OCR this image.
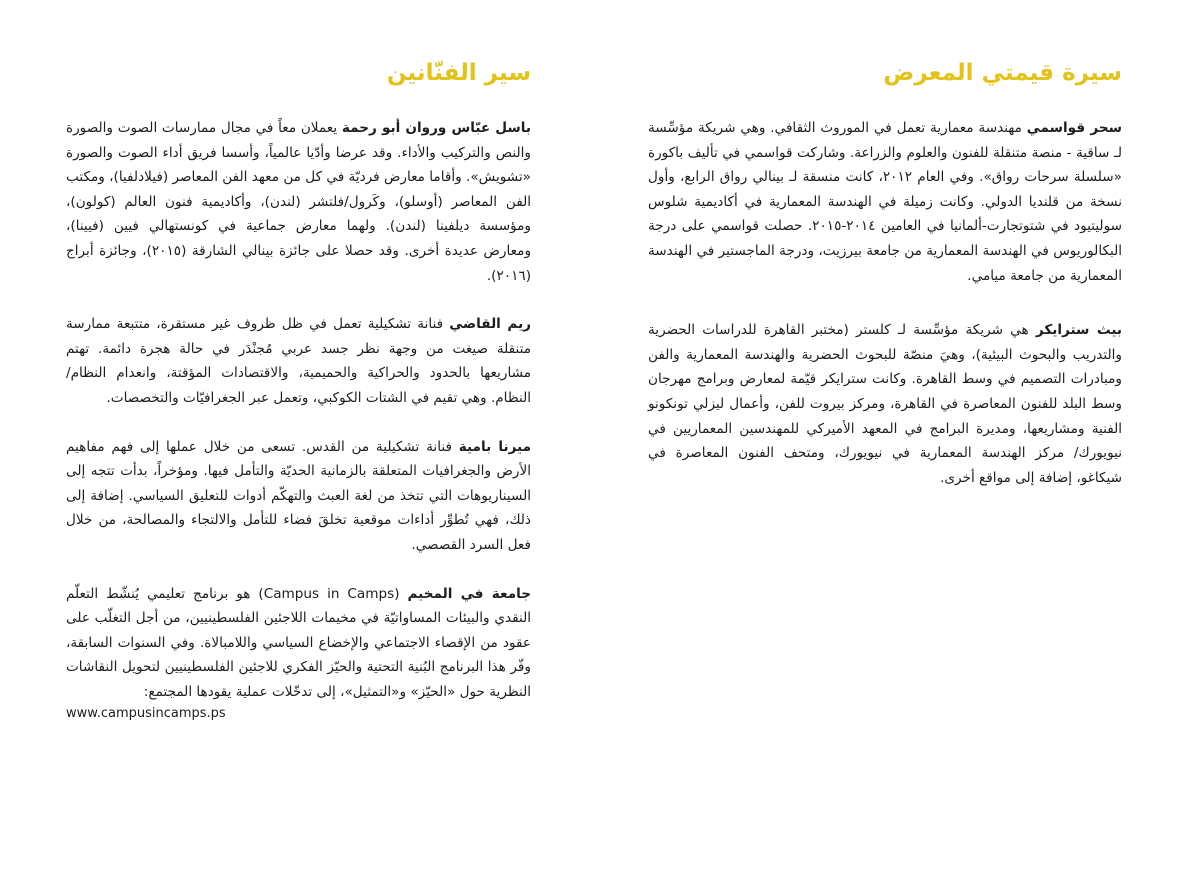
سيرة قيمتي المعرض

سحر قواسمي مهندسة معمارية تعمل في الموروث الثقافي. وهي شريكة مؤسِّسة لـ ساقية - منصة متنقلة للفنون والعلوم والزراعة. وشاركت قواسمي في تأليف باكورة «سلسلة سرحات رواق». وفي العام ٢٠١٢، كانت منسقة لـ بينالي رواق الرابع، وأول نسخة من قلنديا الدولي. وكانت زميلة في الهندسة المعمارية في أكاديمية شلوس سوليتيود في شتوتجارت-ألمانيا في العامين ٢٠١٤-٢٠١٥. حصلت قواسمي على درجة البكالوريوس في الهندسة المعمارية من جامعة بيرزيت، ودرجة الماجستير في الهندسة المعمارية من جامعة ميامي.

بيث سترايكر هي شريكة مؤسِّسة لـ كلستر (مختبر القاهرة للدراسات الحضرية والتدريب والبحوث البيئية)، وهيَ منصّة للبحوث الحضرية والهندسة المعمارية والفن ومبادرات التصميم في وسط القاهرة. وكانت سترايكر قيّمة لمعارض وبرامج مهرجان وسط البلد للفنون المعاصرة في القاهرة، ومركز بيروت للفن، وأعمال ليزلي تونكونو الفنية ومشاريعها، ومديرة البرامج في المعهد الأميركي للمهندسين المعماريين في نيويورك/ مركز الهندسة المعمارية في نيويورك، ومتحف الفنون المعاصرة في شيكاغو، إضافة إلى مواقع أخرى.

سير الفنّانين

باسل عبّاس وروان أبو رحمة يعملان معاً في مجال ممارسات الصوت والصورة والنص والتركيب والأداء. وقد عرضا وأدّيا عالمياً، وأسسا فريق أداء الصوت والصورة «تشويش». وأقاما معارض فرديّة في كل من معهد الفن المعاصر (فيلادلفيا)، ومكتب الفن المعاصر (أوسلو)، وكَرول/فلتشر (لندن)، وأكاديمية فنون العالم (كولون)، ومؤسسة ديلفينا (لندن). ولهما معارض جماعية في كونستهالي فيين (فيينا)، ومعارض عديدة أخرى. وقد حصلا على جائزة بينالي الشارقة (٢٠١٥)، وجائزة أبراج (٢٠١٦).

ريم القاضي فنانة تشكيلية تعمل في ظل ظروف غير مستقرة، متتبعة ممارسة متنقلة صيغت من وجهة نظر جسد عربي مُجنْدَر في حالة هجرة دائمة. تهتم مشاريعها بالحدود والحراكية والحميمية، والاقتصادات المؤقتة، وانعدام النظام/النظام. وهي تقيم في الشتات الكوكبي، وتعمل عبر الجغرافيّات والتخصصات.

ميرنا بامية فنانة تشكيلية من القدس. تسعى من خلال عملها إلى فهم مفاهيم الأرض والجغرافيات المتعلقة بالزمانية الحديّة والتأمل فيها. ومؤخراً، بدأت تتجه إلى السيناريوهات التي تتخذ من لغة العبث والتهكّم أدوات للتعليق السياسي. إضافة إلى ذلك، فهي تُطوِّر أداءات موقعية تخلقَ فضاء للتأمل والالتجاء والمصالحة، من خلال فعل السرد القصصي.

جامعة في المخيم (Campus in Camps) هو برنامج تعليمي يُنشّط التعلّم النقدي والبيئات المساواتيّة في مخيمات اللاجئين الفلسطينيين، من أجل التغلّب على عقود من الإقصاء الاجتماعي والإخضاع السياسي واللامبالاة. وفي السنوات السابقة، وفّر هذا البرنامج البُنية التحتية والحيّز الفكري للاجئين الفلسطينيين لتحويل النقاشات النظرية حول «الحيّز» و«التمثيل»، إلى تدخّلات عملية يقودها المجتمع:

www.campusincamps.ps
